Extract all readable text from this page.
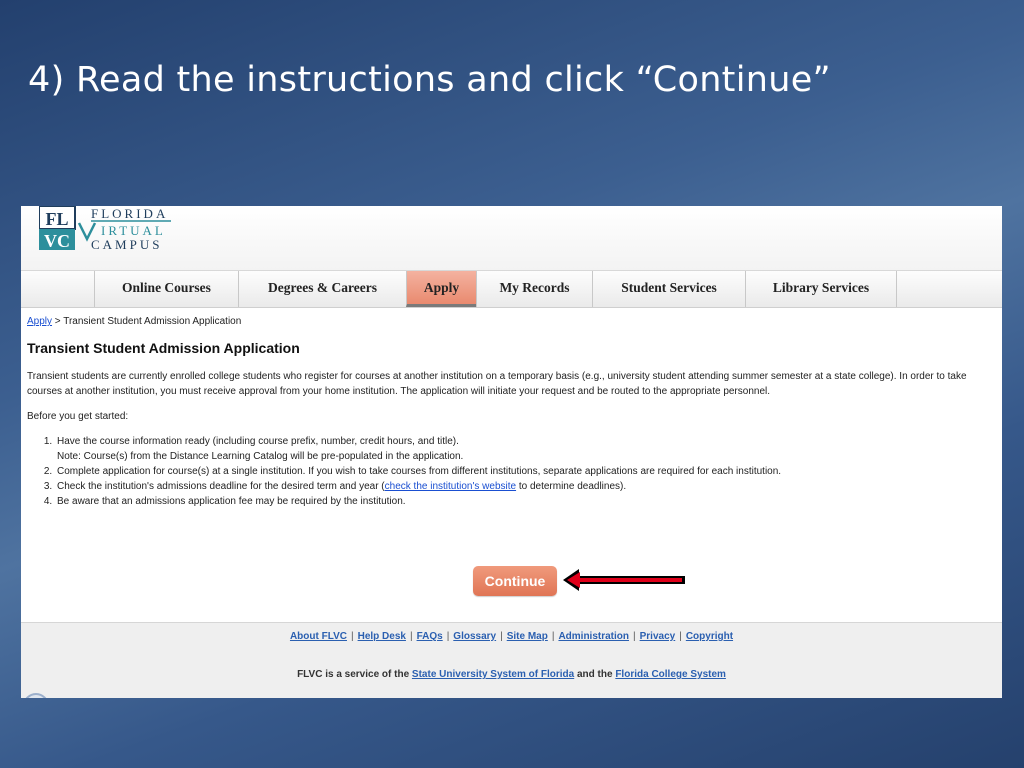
4) Read the instructions and click “Continue”
FL
VC
FLORIDA
IRTUAL
CAMPUS
Online Courses	Degrees & Careers	Apply	My Records	Student Services	Library Services
Apply > Transient Student Admission Application
Transient Student Admission Application
Transient students are currently enrolled college students who register for courses at another institution on a temporary basis (e.g., university student attending summer semester at a state college). In order to take courses at another institution, you must receive approval from your home institution. The application will initiate your request and be routed to the appropriate personnel.
Before you get started:
1. Have the course information ready (including course prefix, number, credit hours, and title).
Note: Course(s) from the Distance Learning Catalog will be pre-populated in the application.
2. Complete application for course(s) at a single institution. If you wish to take courses from different institutions, separate applications are required for each institution.
3. Check the institution's admissions deadline for the desired term and year (check the institution's website to determine deadlines).
4. Be aware that an admissions application fee may be required by the institution.
Continue
About FLVC | Help Desk | FAQs | Glossary | Site Map | Administration | Privacy | Copyright
FLVC is a service of the State University System of Florida and the Florida College System
